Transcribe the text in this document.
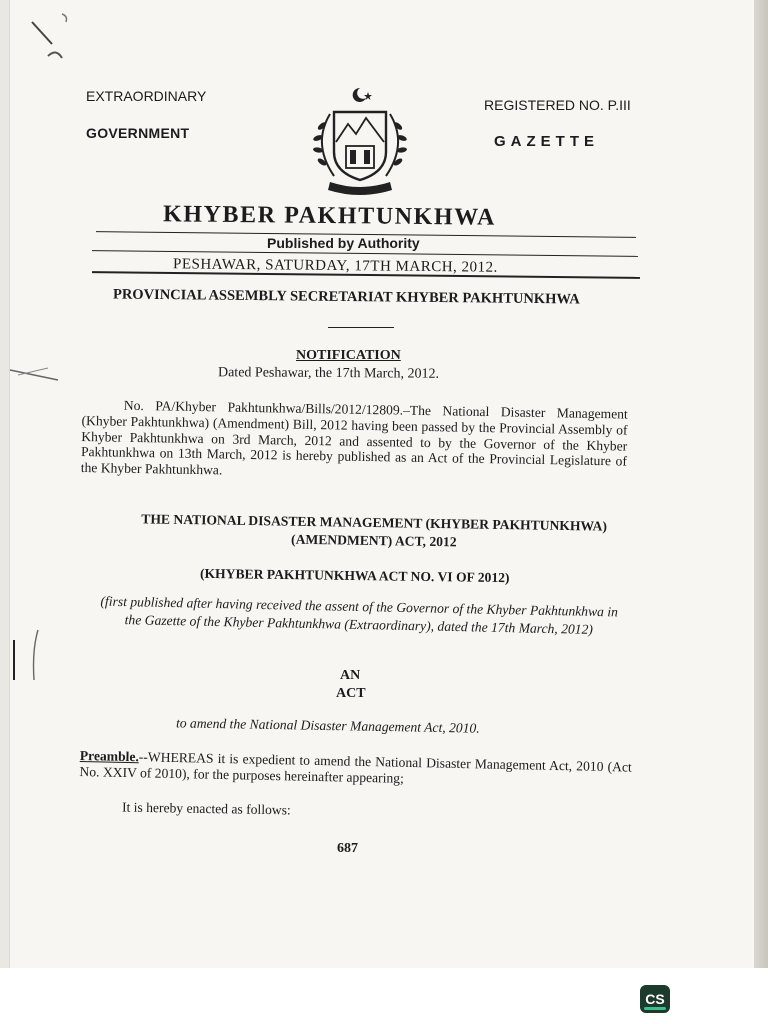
EXTRAORDINARY
GOVERNMENT
REGISTERED NO. P.III
GAZETTE
KHYBER PAKHTUNKHWA
Published by Authority
PESHAWAR, SATURDAY, 17TH MARCH, 2012.
PROVINCIAL ASSEMBLY SECRETARIAT KHYBER PAKHTUNKHWA
NOTIFICATION
Dated Peshawar, the 17th March, 2012.
No. PA/Khyber Pakhtunkhwa/Bills/2012/12809.–The National Disaster Management (Khyber Pakhtunkhwa) (Amendment) Bill, 2012 having been passed by the Provincial Assembly of Khyber Pakhtunkhwa on 3rd March, 2012 and assented to by the Governor of the Khyber Pakhtunkhwa on 13th March, 2012 is hereby published as an Act of the Provincial Legislature of the Khyber Pakhtunkhwa.
THE NATIONAL DISASTER MANAGEMENT (KHYBER PAKHTUNKHWA) (AMENDMENT) ACT, 2012
(KHYBER PAKHTUNKHWA ACT NO. VI OF 2012)
(first published after having received the assent of the Governor of the Khyber Pakhtunkhwa in the Gazette of the Khyber Pakhtunkhwa (Extraordinary), dated the 17th March, 2012)
AN
ACT
to amend the National Disaster Management Act, 2010.
Preamble.--WHEREAS it is expedient to amend the National Disaster Management Act, 2010 (Act No. XXIV of 2010), for the purposes hereinafter appearing;
It is hereby enacted as follows:
687
CS
